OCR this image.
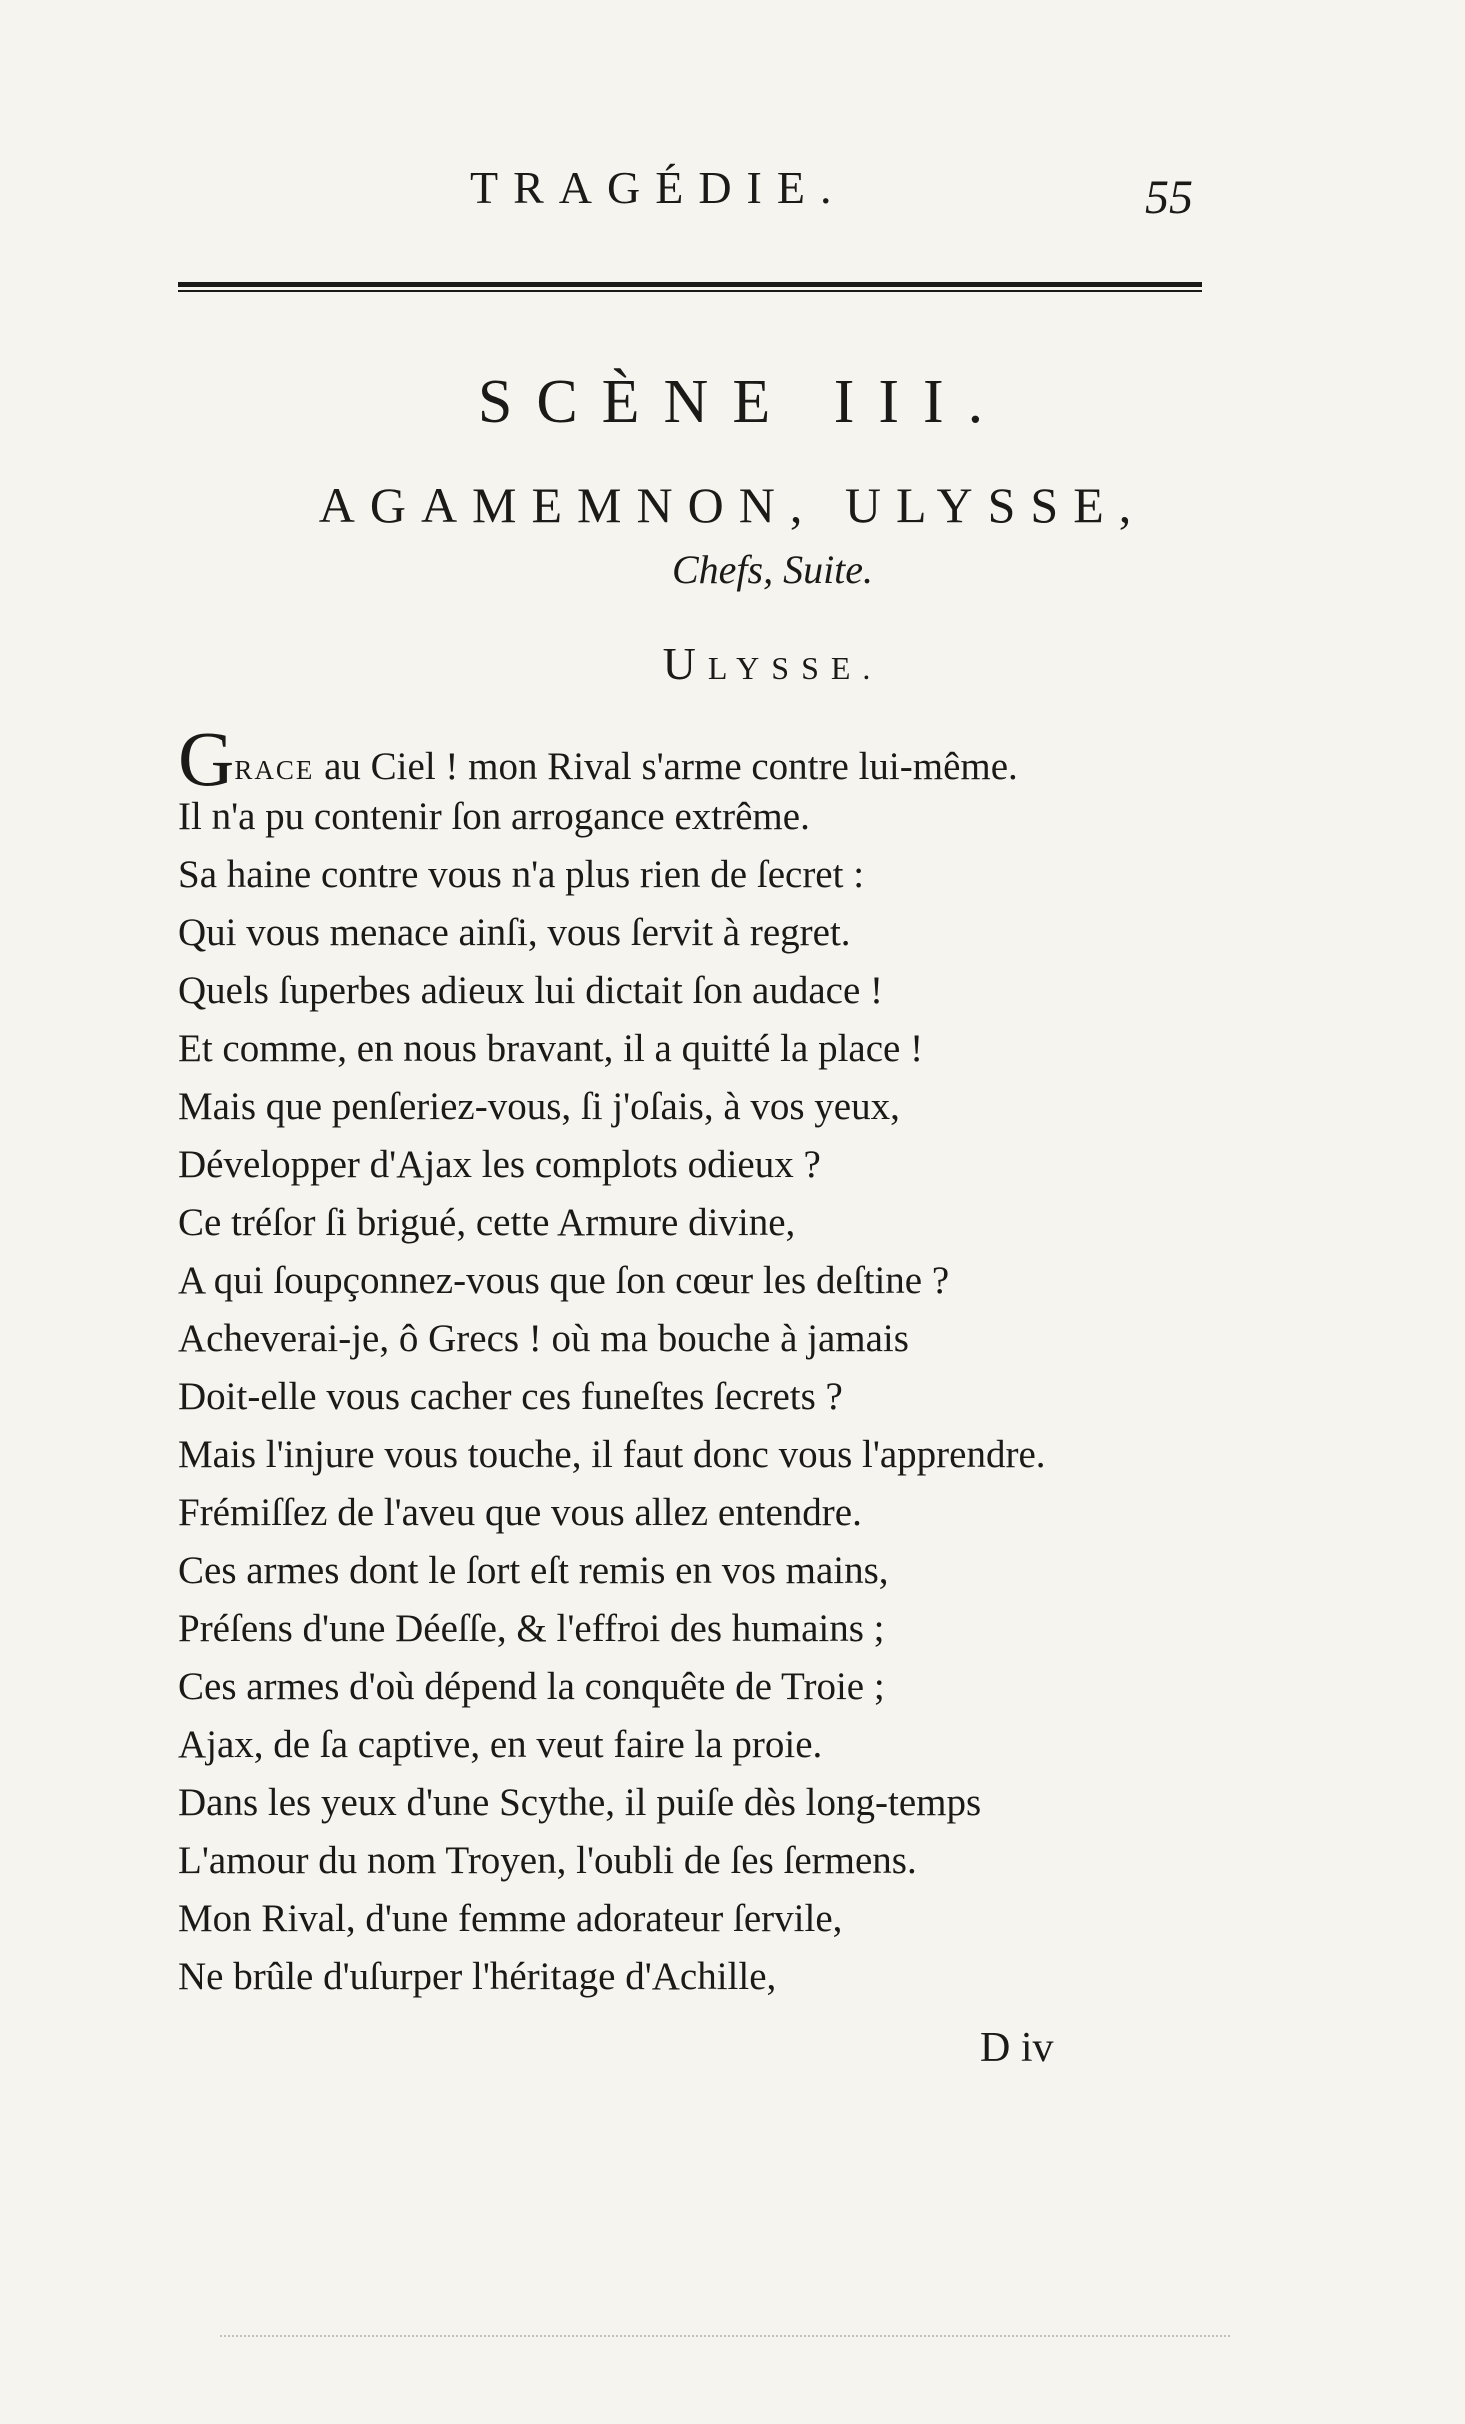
TRAGÉDIE.	55
SCÈNE III.
AGAMEMNON, ULYSSE,
Chefs, Suite.
ULYSSE.
Grace au Ciel ! mon Rival s'arme contre lui-même.
Il n'a pu contenir ſon arrogance extrême.
Sa haine contre vous n'a plus rien de ſecret :
Qui vous menace ainſi, vous ſervit à regret.
Quels ſuperbes adieux lui dictait ſon audace !
Et comme, en nous bravant, il a quitté la place !
Mais que penſeriez-vous, ſi j'oſais, à vos yeux,
Développer d'Ajax les complots odieux ?
Ce tréſor ſi brigué, cette Armure divine,
A qui ſoupçonnez-vous que ſon cœur les deſtine ?
Acheverai-je, ô Grecs ! où ma bouche à jamais
Doit-elle vous cacher ces funeſtes ſecrets ?
Mais l'injure vous touche, il faut donc vous l'apprendre.
Frémiſſez de l'aveu que vous allez entendre.
Ces armes dont le ſort eſt remis en vos mains,
Préſens d'une Déeſſe, & l'effroi des humains ;
Ces armes d'où dépend la conquête de Troie ;
Ajax, de ſa captive, en veut faire la proie.
Dans les yeux d'une Scythe, il puiſe dès long-temps
L'amour du nom Troyen, l'oubli de ſes ſermens.
Mon Rival, d'une femme adorateur ſervile,
Ne brûle d'uſurper l'héritage d'Achille,
D iv
